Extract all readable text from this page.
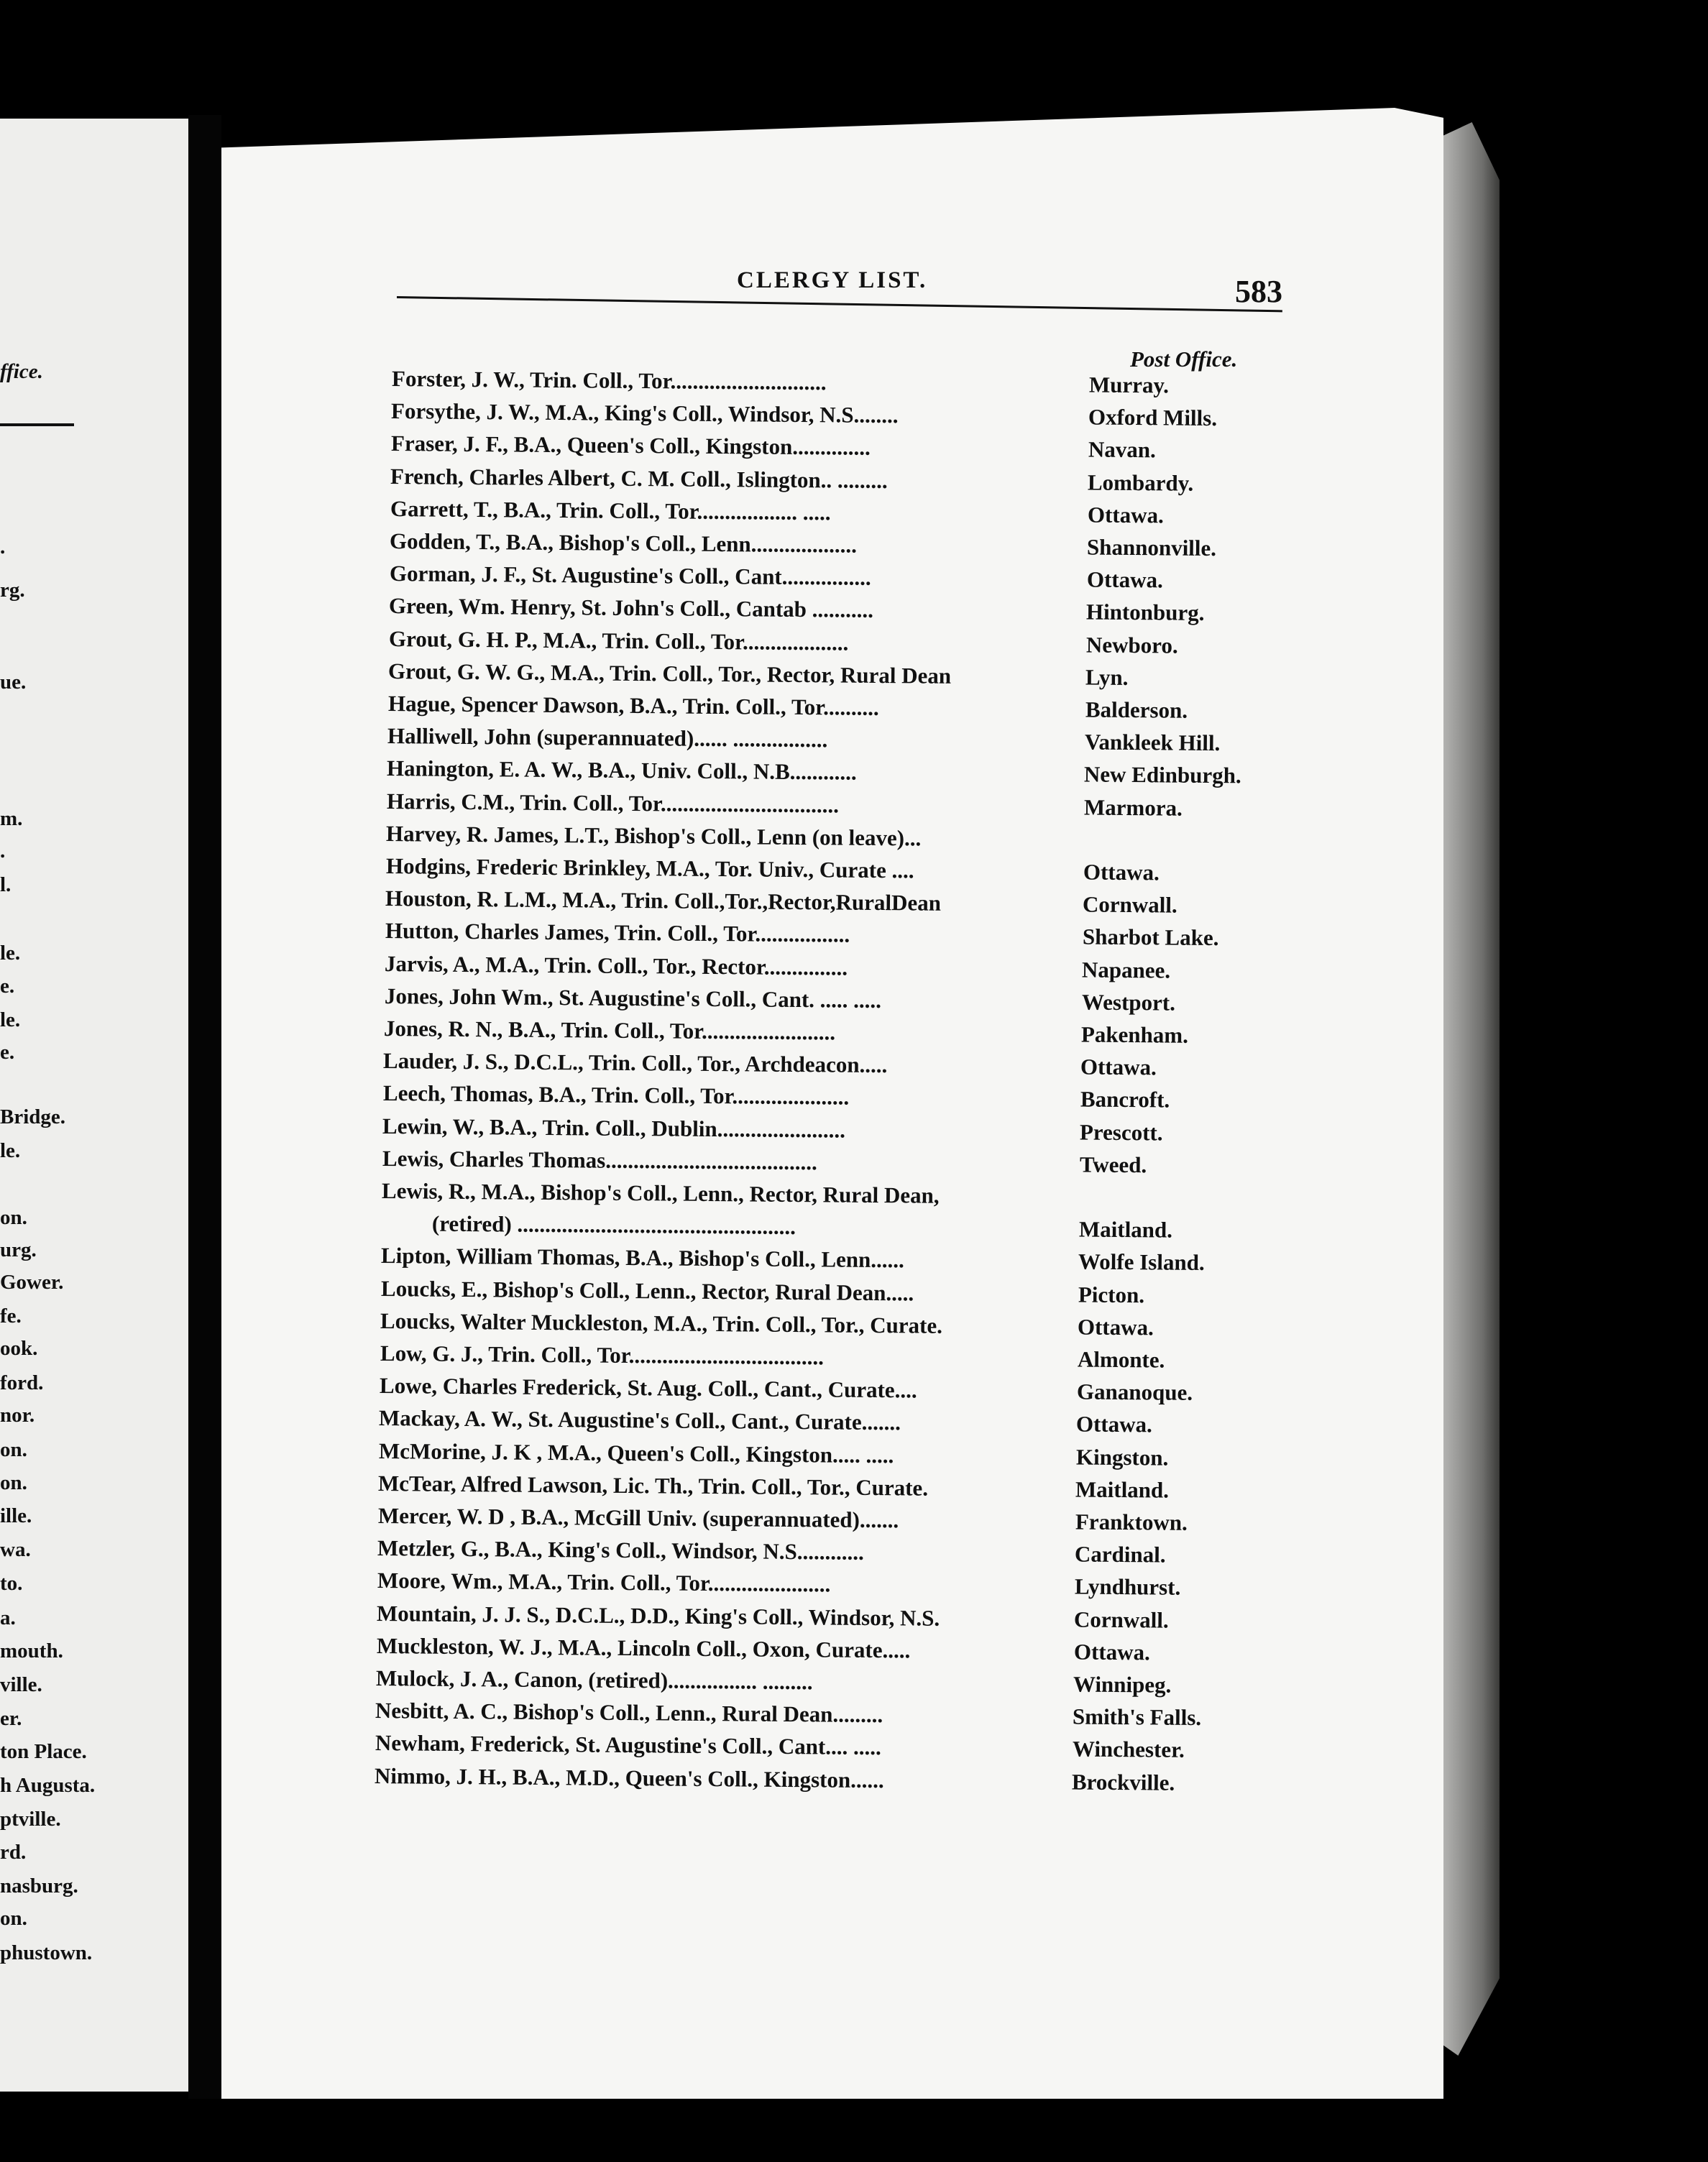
ffice.
.
rg.
ue.
m.
.
l.
le.
e.
le.
e.
Bridge.
le.
on.
urg.
Gower.
fe.
ook.
ford.
nor.
on.
on.
ille.
wa.
to.
a.
mouth.
ville.
er.
ton Place.
h Augusta.
ptville.
rd.
nasburg.
on.
phustown.
CLERGY LIST.	583
Post Office.
Forster, J. W., Trin. Coll., Tor............................	Murray.
Forsythe, J. W., M.A., King's Coll., Windsor, N.S........	Oxford Mills.
Fraser, J. F., B.A., Queen's Coll., Kingston..............	Navan.
French, Charles Albert, C. M. Coll., Islington.. .........	Lombardy.
Garrett, T., B.A., Trin. Coll., Tor.................. .....	Ottawa.
Godden, T., B.A., Bishop's Coll., Lenn...................	Shannonville.
Gorman, J. F., St. Augustine's Coll., Cant................	Ottawa.
Green, Wm. Henry, St. John's Coll., Cantab ...........	Hintonburg.
Grout, G. H. P., M.A., Trin. Coll., Tor...................	Newboro.
Grout, G. W. G., M.A., Trin. Coll., Tor., Rector, Rural Dean	Lyn.
Hague, Spencer Dawson, B.A., Trin. Coll., Tor..........	Balderson.
Halliwell, John (superannuated)...... .................	Vankleek Hill.
Hanington, E. A. W., B.A., Univ. Coll., N.B............	New Edinburgh.
Harris, C.M., Trin. Coll., Tor................................	Marmora.
Harvey, R. James, L.T., Bishop's Coll., Lenn (on leave)...
Hodgins, Frederic Brinkley, M.A., Tor. Univ., Curate ....	Ottawa.
Houston, R. L.M., M.A., Trin. Coll.,Tor.,Rector,RuralDean	Cornwall.
Hutton, Charles James, Trin. Coll., Tor.................	Sharbot Lake.
Jarvis, A., M.A., Trin. Coll., Tor., Rector...............	Napanee.
Jones, John Wm., St. Augustine's Coll., Cant. ..... .....	Westport.
Jones, R. N., B.A., Trin. Coll., Tor........................	Pakenham.
Lauder, J. S., D.C.L., Trin. Coll., Tor., Archdeacon.....	Ottawa.
Leech, Thomas, B.A., Trin. Coll., Tor.....................	Bancroft.
Lewin, W., B.A., Trin. Coll., Dublin.......................	Prescott.
Lewis, Charles Thomas......................................	Tweed.
Lewis, R., M.A., Bishop's Coll., Lenn., Rector, Rural Dean,
(retired) ..................................................	Maitland.
Lipton, William Thomas, B.A., Bishop's Coll., Lenn......	Wolfe Island.
Loucks, E., Bishop's Coll., Lenn., Rector, Rural Dean.....	Picton.
Loucks, Walter Muckleston, M.A., Trin. Coll., Tor., Curate.	Ottawa.
Low, G. J., Trin. Coll., Tor...................................	Almonte.
Lowe, Charles Frederick, St. Aug. Coll., Cant., Curate....	Gananoque.
Mackay, A. W., St. Augustine's Coll., Cant., Curate.......	Ottawa.
McMorine, J. K , M.A., Queen's Coll., Kingston..... .....	Kingston.
McTear, Alfred Lawson, Lic. Th., Trin. Coll., Tor., Curate.	Maitland.
Mercer, W. D , B.A., McGill Univ. (superannuated).......	Franktown.
Metzler, G., B.A., King's Coll., Windsor, N.S............	Cardinal.
Moore, Wm., M.A., Trin. Coll., Tor......................	Lyndhurst.
Mountain, J. J. S., D.C.L., D.D., King's Coll., Windsor, N.S.	Cornwall.
Muckleston, W. J., M.A., Lincoln Coll., Oxon, Curate.....	Ottawa.
Mulock, J. A., Canon, (retired)................ .........	Winnipeg.
Nesbitt, A. C., Bishop's Coll., Lenn., Rural Dean.........	Smith's Falls.
Newham, Frederick, St. Augustine's Coll., Cant.... .....	Winchester.
Nimmo, J. H., B.A., M.D., Queen's Coll., Kingston......	Brockville.
